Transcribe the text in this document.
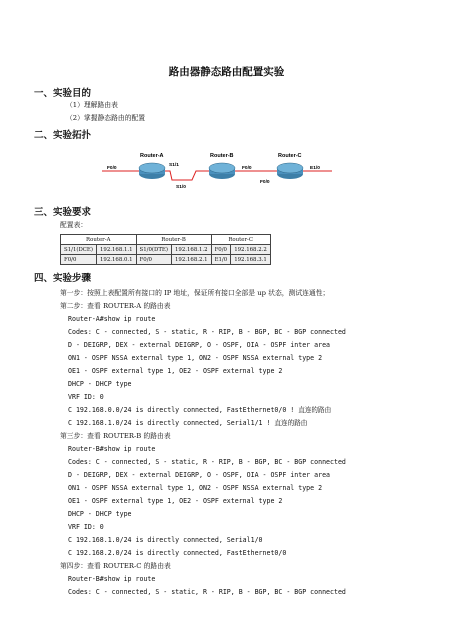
路由器静态路由配置实验
一、实验目的
（1）理解路由表
（2）掌握静态路由的配置
二、实验拓扑
Router-A	Router-B	Router-C
F0/0
S1/1
S1/0
F0/0
F0/0
E1/0
三、实验要求
配置表：
Router-A		Router-B		Router-C	
S1/1(DCE)	192.168.1.1	S1/0(DTE)	192.168.1.2	F0/0	192.168.2.2
F0/0	192.168.0.1	F0/0	192.168.2.1	E1/0	192.168.3.1
四、实验步骤
第一步：按照上表配置所有接口的 IP 地址，保证所有接口全部是 up 状态，测试连通性；
第二步：查看 ROUTER-A 的路由表
Router-A#show ip route
Codes: C - connected, S - static, R - RIP, B - BGP, BC - BGP connected
D - DEIGRP, DEX - external DEIGRP, O - OSPF, OIA - OSPF inter area
ON1 - OSPF NSSA external type 1, ON2 - OSPF NSSA external type 2
OE1 - OSPF external type 1, OE2 - OSPF external type 2
DHCP - DHCP type
VRF ID: 0
C 192.168.0.0/24 is directly connected, FastEthernet0/0 ! 直连的路由
C 192.168.1.0/24 is directly connected, Serial1/1 ! 直连的路由
第三步：查看 ROUTER-B 的路由表
Router-B#show ip route
Codes: C - connected, S - static, R - RIP, B - BGP, BC - BGP connected
D - DEIGRP, DEX - external DEIGRP, O - OSPF, OIA - OSPF inter area
ON1 - OSPF NSSA external type 1, ON2 - OSPF NSSA external type 2
OE1 - OSPF external type 1, OE2 - OSPF external type 2
DHCP - DHCP type
VRF ID: 0
C 192.168.1.0/24 is directly connected, Serial1/0
C 192.168.2.0/24 is directly connected, FastEthernet0/0
第四步：查看 ROUTER-C 的路由表
Router-B#show ip route
Codes: C - connected, S - static, R - RIP, B - BGP, BC - BGP connected
